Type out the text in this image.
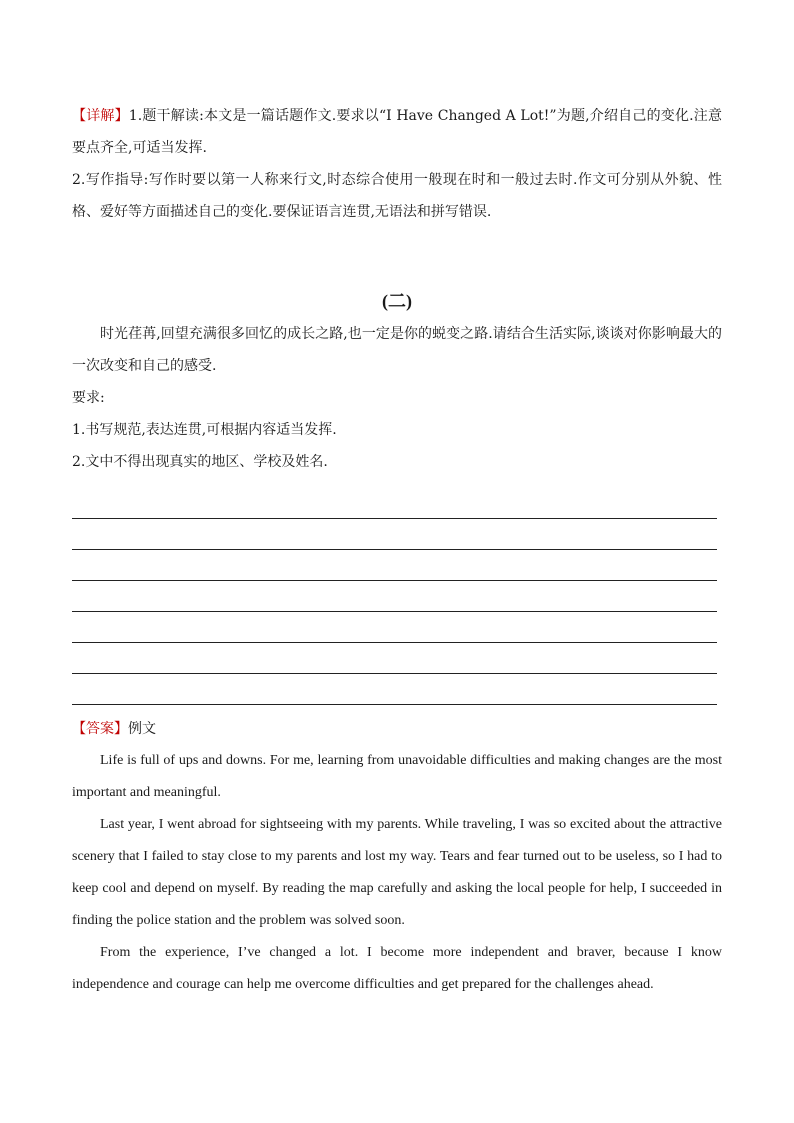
【详解】1.题干解读:本文是一篇话题作文.要求以“I Have Changed A Lot!”为题,介绍自己的变化.注意要点齐全,可适当发挥.

2.写作指导:写作时要以第一人称来行文,时态综合使用一般现在时和一般过去时.作文可分别从外貌、性格、爱好等方面描述自己的变化.要保证语言连贯,无语法和拼写错误.

(二)

时光荏苒,回望充满很多回忆的成长之路,也一定是你的蜕变之路.请结合生活实际,谈谈对你影响最大的一次改变和自己的感受.

要求:

1.书写规范,表达连贯,可根据内容适当发挥.

2.文中不得出现真实的地区、学校及姓名.

【答案】例文

Life is full of ups and downs. For me, learning from unavoidable difficulties and making changes are the most important and meaningful.

Last year, I went abroad for sightseeing with my parents. While traveling, I was so excited about the attractive scenery that I failed to stay close to my parents and lost my way. Tears and fear turned out to be useless, so I had to keep cool and depend on myself. By reading the map carefully and asking the local people for help, I succeeded in finding the police station and the problem was solved soon.

From the experience, I’ve changed a lot. I become more independent and braver, because I know independence and courage can help me overcome difficulties and get prepared for the challenges ahead.
